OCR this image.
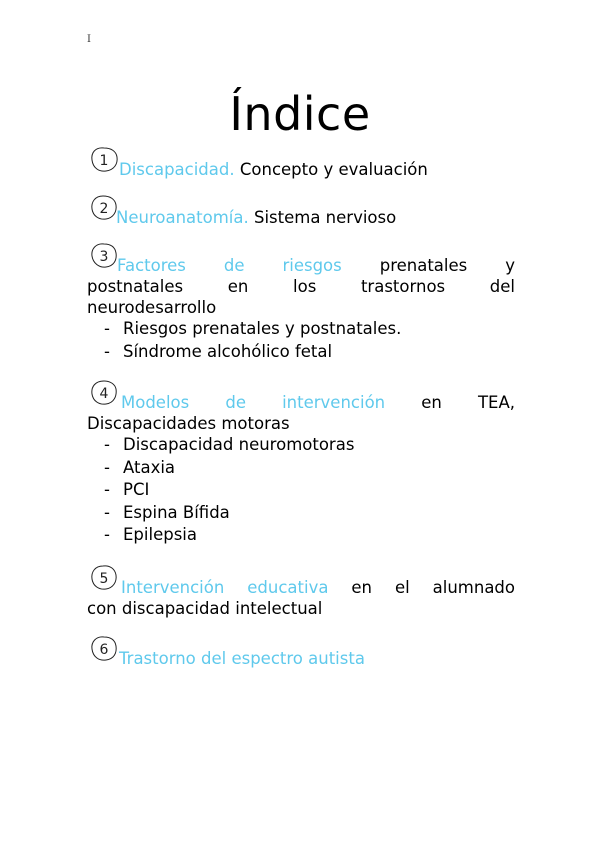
I
Índice
1 Discapacidad. Concepto y evaluación
2 Neuroanatomía. Sistema nervioso
3 Factores de riesgos prenatales y
postnatales en los trastornos del
neurodesarrollo
- Riesgos prenatales y postnatales.
- Síndrome alcohólico fetal
4 Modelos de intervención en TEA,
Discapacidades motoras
- Discapacidad neuromotoras
- Ataxia
- PCI
- Espina Bífida
- Epilepsia
5 Intervención educativa en el alumnado
con discapacidad intelectual
6 Trastorno del espectro autista
